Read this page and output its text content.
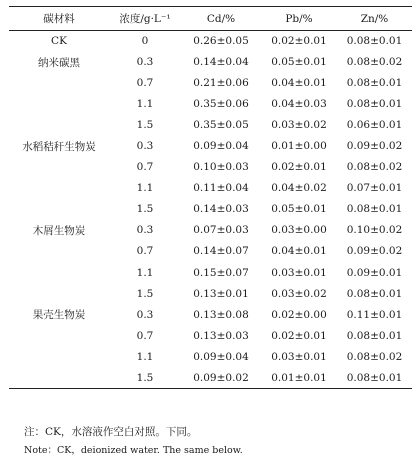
碳材料	浓度/g·L⁻¹	Cd/%	Pb/%	Zn/%
CK	0	0.26±0.05	0.02±0.01	0.08±0.01
纳米碳黑	0.3	0.14±0.04	0.05±0.01	0.08±0.02
	0.7	0.21±0.06	0.04±0.01	0.08±0.01
	1.1	0.35±0.06	0.04±0.03	0.08±0.01
	1.5	0.35±0.05	0.03±0.02	0.06±0.01
水稻秸秆生物炭	0.3	0.09±0.04	0.01±0.00	0.09±0.02
	0.7	0.10±0.03	0.02±0.01	0.08±0.02
	1.1	0.11±0.04	0.04±0.02	0.07±0.01
	1.5	0.14±0.03	0.05±0.01	0.08±0.01
木屑生物炭	0.3	0.07±0.03	0.03±0.00	0.10±0.02
	0.7	0.14±0.07	0.04±0.01	0.09±0.02
	1.1	0.15±0.07	0.03±0.01	0.09±0.01
	1.5	0.13±0.01	0.03±0.02	0.08±0.01
果壳生物炭	0.3	0.13±0.08	0.02±0.00	0.11±0.01
	0.7	0.13±0.03	0.02±0.01	0.08±0.01
	1.1	0.09±0.04	0.03±0.01	0.08±0.02
	1.5	0.09±0.02	0.01±0.01	0.08±0.01

注：CK，水溶液作空白对照。下同。

Note：CK，deionized water. The same below.
